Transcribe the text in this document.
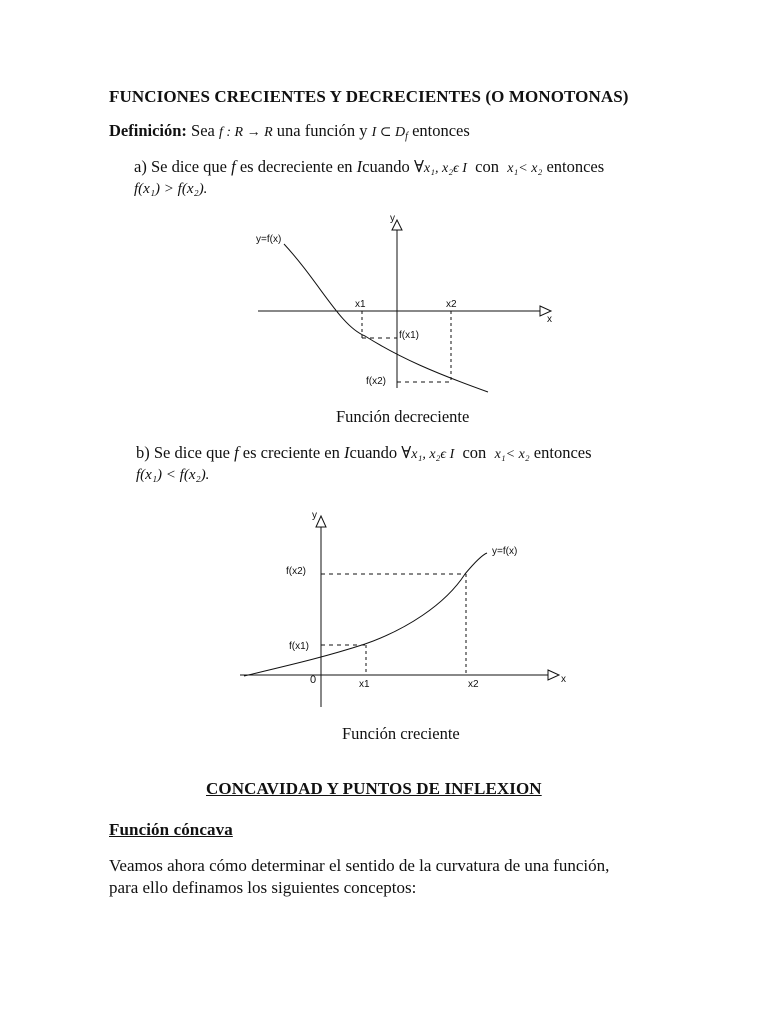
FUNCIONES CRECIENTES Y DECRECIENTES (O MONOTONAS)
Definición: Sea f : R → R una función y I ⊂ $D_f$ entonces
a) Se dice que f es decreciente en Icuando ∀x₁, x₂ϵ I con x₁< x₂ entonces
f(x₁) > f(x₂).
x
y
y=f(x)
x1
f(x1)
x2
f(x2)
Función decreciente
b) Se dice que f es creciente en Icuando ∀x₁, x₂ϵ I con x₁< x₂ entonces
f(x₁) < f(x₂).
x
y
0
y=f(x)
f(x1)
x1
f(x2)
x2
Función creciente
CONCAVIDAD Y PUNTOS DE INFLEXION
Función cóncava
Veamos ahora cómo determinar el sentido de la curvatura de una función,
para ello definamos los siguientes conceptos:
